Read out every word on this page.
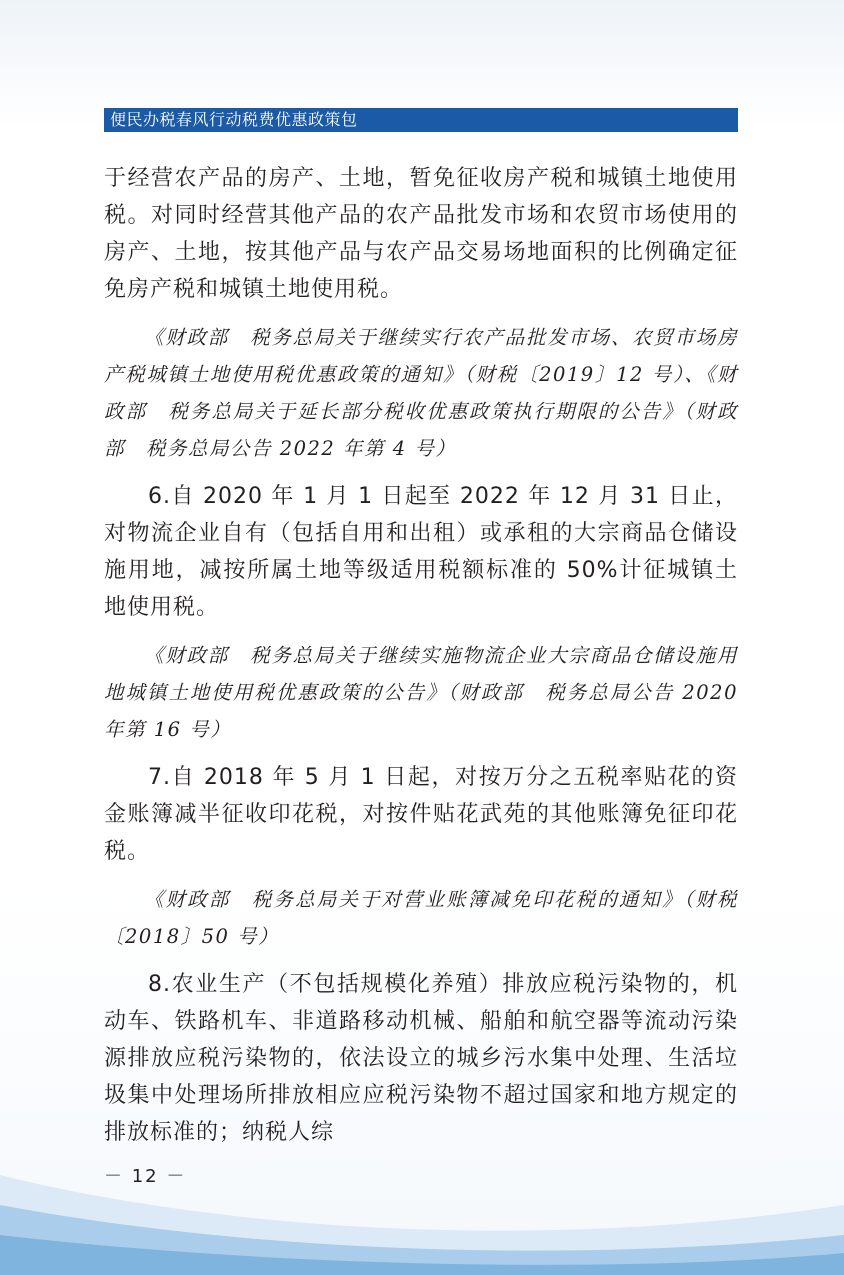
便民办税春风行动税费优惠政策包

于经营农产品的房产、土地，暂免征收房产税和城镇土地使用税。对同时经营其他产品的农产品批发市场和农贸市场使用的房产、土地，按其他产品与农产品交易场地面积的比例确定征免房产税和城镇土地使用税。

《财政部　税务总局关于继续实行农产品批发市场、农贸市场房产税城镇土地使用税优惠政策的通知》（财税〔2019〕12 号）、《财政部　税务总局关于延长部分税收优惠政策执行期限的公告》（财政部　税务总局公告 2022 年第 4 号）

6.自 2020 年 1 月 1 日起至 2022 年 12 月 31 日止，对物流企业自有（包括自用和出租）或承租的大宗商品仓储设施用地，减按所属土地等级适用税额标准的 50%计征城镇土地使用税。

《财政部　税务总局关于继续实施物流企业大宗商品仓储设施用地城镇土地使用税优惠政策的公告》（财政部　税务总局公告 2020 年第 16 号）

7.自 2018 年 5 月 1 日起，对按万分之五税率贴花的资金账簿减半征收印花税，对按件贴花武苑的其他账簿免征印花税。

《财政部　税务总局关于对营业账簿减免印花税的通知》（财税〔2018〕50 号）

8.农业生产（不包括规模化养殖）排放应税污染物的，机动车、铁路机车、非道路移动机械、船舶和航空器等流动污染源排放应税污染物的，依法设立的城乡污水集中处理、生活垃圾集中处理场所排放相应应税污染物不超过国家和地方规定的排放标准的；纳税人综

－ 12 －
